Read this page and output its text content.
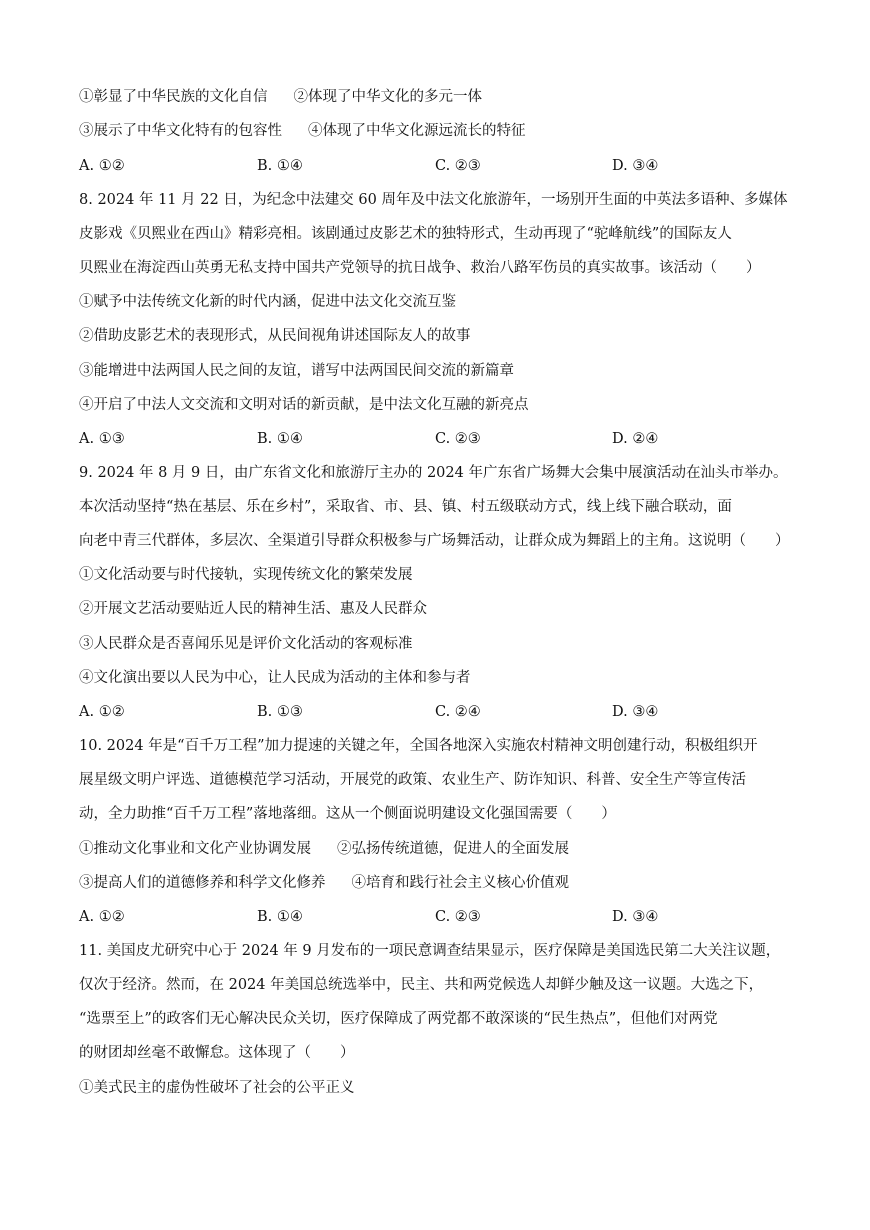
①彰显了中华民族的文化自信 ②体现了中华文化的多元一体
③展示了中华文化特有的包容性 ④体现了中华文化源远流长的特征
A. ①②	B. ①④	C. ②③	D. ③④
8. 2024 年 11 月 22 日，为纪念中法建交 60 周年及中法文化旅游年，一场别开生面的中英法多语种、多媒体
皮影戏《贝熙业在西山》精彩亮相。该剧通过皮影艺术的独特形式，生动再现了“驼峰航线”的国际友人
贝熙业在海淀西山英勇无私支持中国共产党领导的抗日战争、救治八路军伤员的真实故事。该活动（　　）
①赋予中法传统文化新的时代内涵，促进中法文化交流互鉴
②借助皮影艺术的表现形式，从民间视角讲述国际友人的故事
③能增进中法两国人民之间的友谊，谱写中法两国民间交流的新篇章
④开启了中法人文交流和文明对话的新贡献，是中法文化互融的新亮点
A. ①③	B. ①④	C. ②③	D. ②④
9. 2024 年 8 月 9 日，由广东省文化和旅游厅主办的 2024 年广东省广场舞大会集中展演活动在汕头市举办。
本次活动坚持“热在基层、乐在乡村”，采取省、市、县、镇、村五级联动方式，线上线下融合联动，面
向老中青三代群体，多层次、全渠道引导群众积极参与广场舞活动，让群众成为舞蹈上的主角。这说明（　　）
①文化活动要与时代接轨，实现传统文化的繁荣发展
②开展文艺活动要贴近人民的精神生活、惠及人民群众
③人民群众是否喜闻乐见是评价文化活动的客观标准
④文化演出要以人民为中心，让人民成为活动的主体和参与者
A. ①②	B. ①③	C. ②④	D. ③④
10. 2024 年是“百千万工程”加力提速的关键之年，全国各地深入实施农村精神文明创建行动，积极组织开
展星级文明户评选、道德模范学习活动，开展党的政策、农业生产、防诈知识、科普、安全生产等宣传活
动，全力助推“百千万工程”落地落细。这从一个侧面说明建设文化强国需要（　　）
①推动文化事业和文化产业协调发展 ②弘扬传统道德，促进人的全面发展
③提高人们的道德修养和科学文化修养 ④培育和践行社会主义核心价值观
A. ①②	B. ①④	C. ②③	D. ③④
11. 美国皮尤研究中心于 2024 年 9 月发布的一项民意调查结果显示，医疗保障是美国选民第二大关注议题，
仅次于经济。然而，在 2024 年美国总统选举中，民主、共和两党候选人却鲜少触及这一议题。大选之下，
“选票至上”的政客们无心解决民众关切，医疗保障成了两党都不敢深谈的“民生热点”，但他们对两党
的财团却丝毫不敢懈怠。这体现了（　　）
①美式民主的虚伪性破坏了社会的公平正义
